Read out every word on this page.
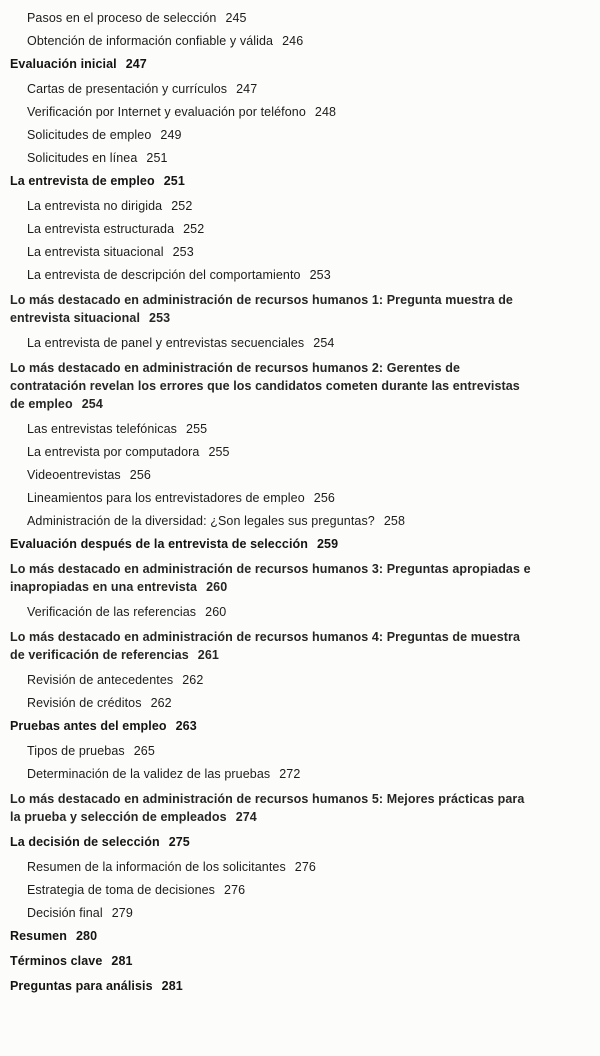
Pasos en el proceso de selección 245
Obtención de información confiable y válida 246
Evaluación inicial 247
Cartas de presentación y currículos 247
Verificación por Internet y evaluación por teléfono 248
Solicitudes de empleo 249
Solicitudes en línea 251
La entrevista de empleo 251
La entrevista no dirigida 252
La entrevista estructurada 252
La entrevista situacional 253
La entrevista de descripción del comportamiento 253
Lo más destacado en administración de recursos humanos 1: Pregunta muestra de entrevista situacional 253
La entrevista de panel y entrevistas secuenciales 254
Lo más destacado en administración de recursos humanos 2: Gerentes de contratación revelan los errores que los candidatos cometen durante las entrevistas de empleo 254
Las entrevistas telefónicas 255
La entrevista por computadora 255
Videoentrevistas 256
Lineamientos para los entrevistadores de empleo 256
Administración de la diversidad: ¿Son legales sus preguntas? 258
Evaluación después de la entrevista de selección 259
Lo más destacado en administración de recursos humanos 3: Preguntas apropiadas e inapropiadas en una entrevista 260
Verificación de las referencias 260
Lo más destacado en administración de recursos humanos 4: Preguntas de muestra de verificación de referencias 261
Revisión de antecedentes 262
Revisión de créditos 262
Pruebas antes del empleo 263
Tipos de pruebas 265
Determinación de la validez de las pruebas 272
Lo más destacado en administración de recursos humanos 5: Mejores prácticas para la prueba y selección de empleados 274
La decisión de selección 275
Resumen de la información de los solicitantes 276
Estrategia de toma de decisiones 276
Decisión final 279
Resumen 280
Términos clave 281
Preguntas para análisis 281
